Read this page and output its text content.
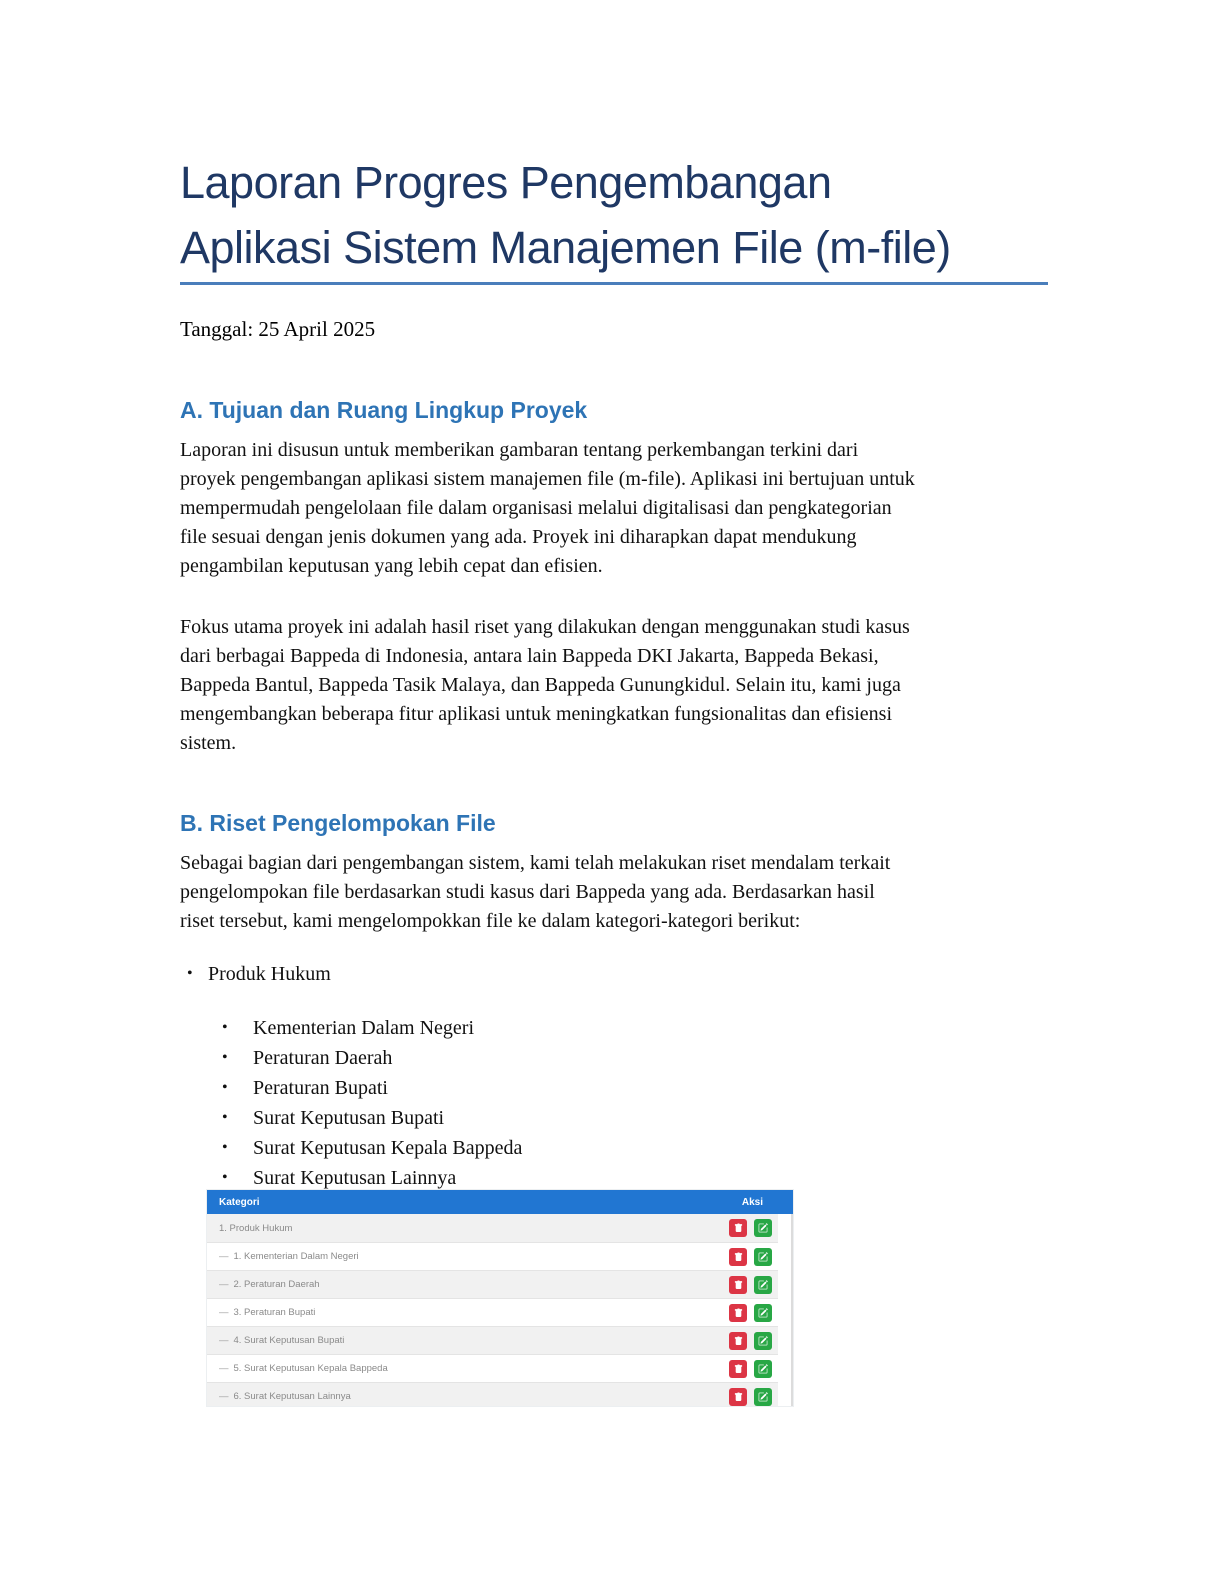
Laporan Progres Pengembangan
Aplikasi Sistem Manajemen File (m-file)
Tanggal: 25 April 2025
A. Tujuan dan Ruang Lingkup Proyek
Laporan ini disusun untuk memberikan gambaran tentang perkembangan terkini dari
proyek pengembangan aplikasi sistem manajemen file (m-file). Aplikasi ini bertujuan untuk
mempermudah pengelolaan file dalam organisasi melalui digitalisasi dan pengkategorian
file sesuai dengan jenis dokumen yang ada. Proyek ini diharapkan dapat mendukung
pengambilan keputusan yang lebih cepat dan efisien.
Fokus utama proyek ini adalah hasil riset yang dilakukan dengan menggunakan studi kasus
dari berbagai Bappeda di Indonesia, antara lain Bappeda DKI Jakarta, Bappeda Bekasi,
Bappeda Bantul, Bappeda Tasik Malaya, dan Bappeda Gunungkidul. Selain itu, kami juga
mengembangkan beberapa fitur aplikasi untuk meningkatkan fungsionalitas dan efisiensi
sistem.
B. Riset Pengelompokan File
Sebagai bagian dari pengembangan sistem, kami telah melakukan riset mendalam terkait
pengelompokan file berdasarkan studi kasus dari Bappeda yang ada. Berdasarkan hasil
riset tersebut, kami mengelompokkan file ke dalam kategori-kategori berikut:
• Produk Hukum
•	Kementerian Dalam Negeri
•	Peraturan Daerah
•	Peraturan Bupati
•	Surat Keputusan Bupati
•	Surat Keputusan Kepala Bappeda
•	Surat Keputusan Lainnya
Kategori	Aksi
1. Produk Hukum
— 1. Kementerian Dalam Negeri
— 2. Peraturan Daerah
— 3. Peraturan Bupati
— 4. Surat Keputusan Bupati
— 5. Surat Keputusan Kepala Bappeda
— 6. Surat Keputusan Lainnya
